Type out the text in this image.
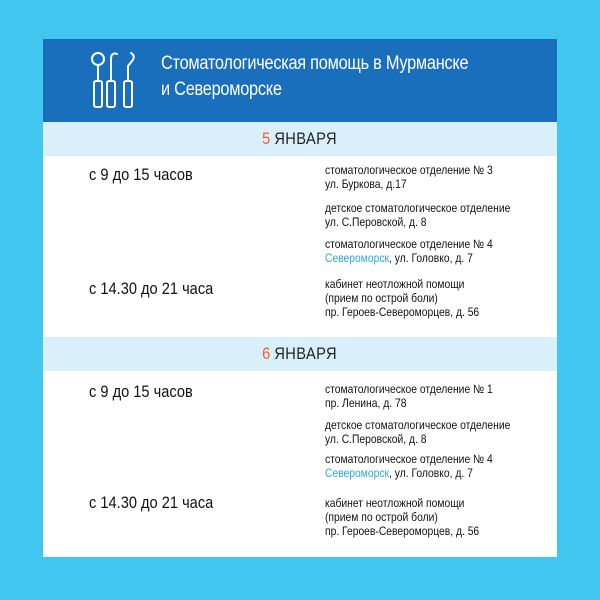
Стоматологическая помощь в Мурманске
и Североморске
5 ЯНВАРЯ
с 9 до 15 часов
с 14.30 до 21 часа
стоматологическое отделение № 3
ул. Буркова, д.17
детское стоматологическое отделение
ул. С.Перовской, д. 8
стоматологическое отделение № 4
Североморск, ул. Головко, д. 7
кабинет неотложной помощи
(прием по острой боли)
пр. Героев-Североморцев, д. 56
6 ЯНВАРЯ
с 9 до 15 часов
с 14.30 до 21 часа
стоматологическое отделение № 1
пр. Ленина, д. 78
детское стоматологическое отделение
ул. С.Перовской, д. 8
стоматологическое отделение № 4
Североморск, ул. Головко, д. 7
кабинет неотложной помощи
(прием по острой боли)
пр. Героев-Североморцев, д. 56
